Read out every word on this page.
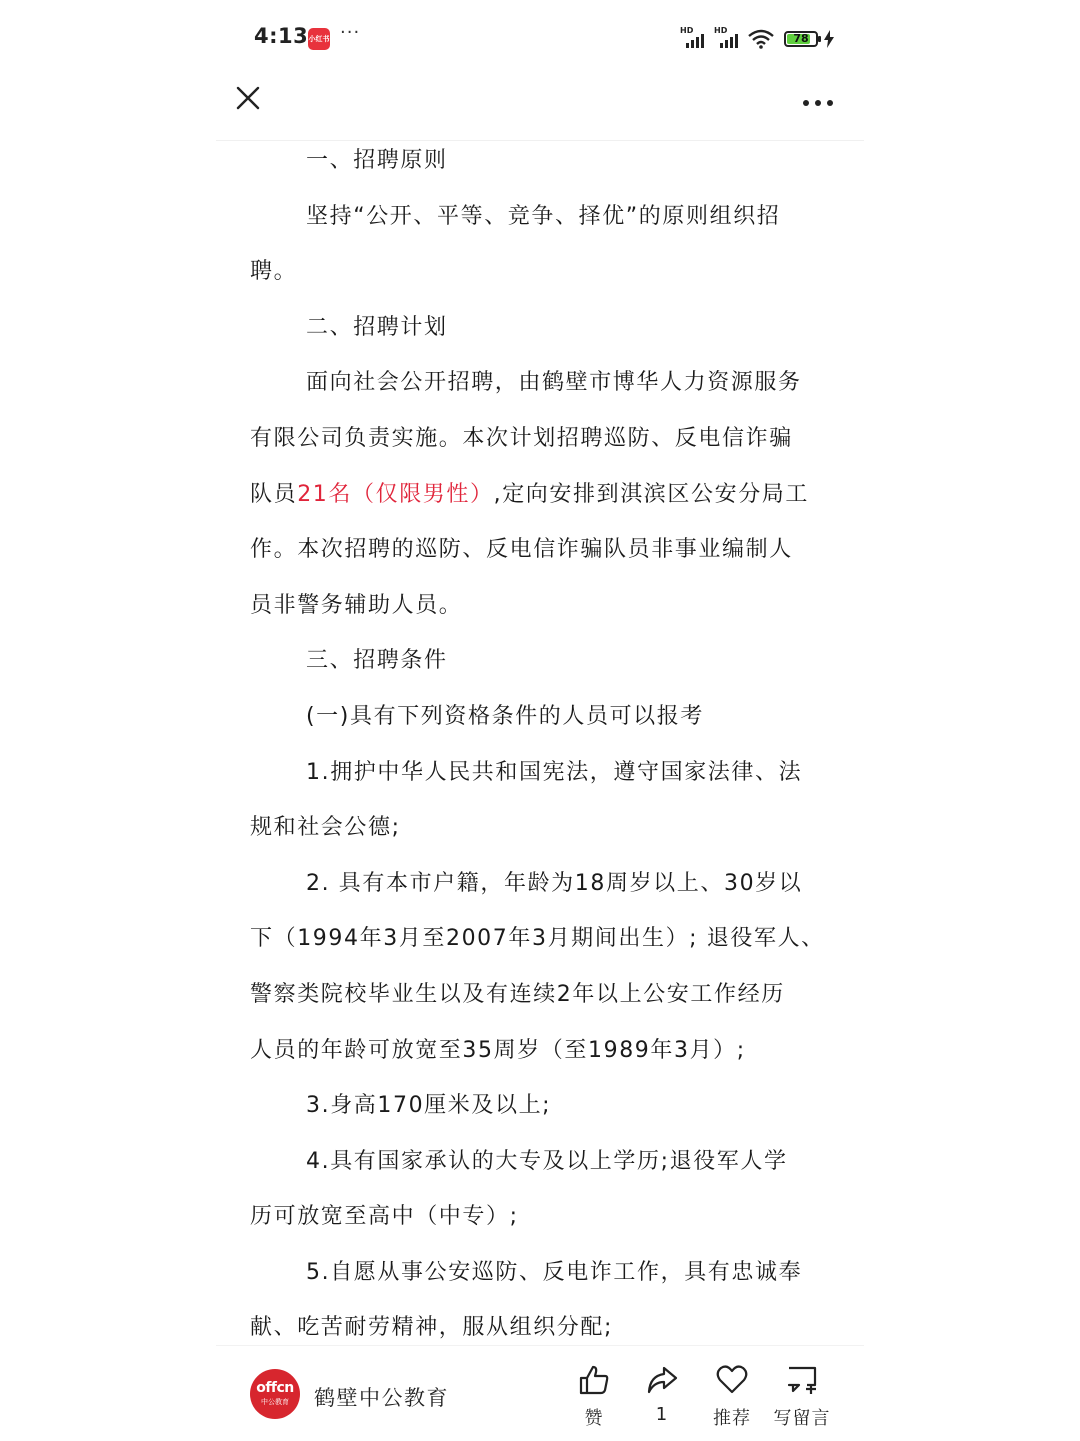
4:13 小红书 ···	HD	HD
78
一、招聘原则
坚持“公开、平等、竞争、择优”的原则组织招
聘。
二、招聘计划
面向社会公开招聘，由鹤壁市博华人力资源服务
有限公司负责实施。本次计划招聘巡防、反电信诈骗
队员21名（仅限男性）,定向安排到淇滨区公安分局工
作。本次招聘的巡防、反电信诈骗队员非事业编制人
员非警务辅助人员。
三、招聘条件
(一)具有下列资格条件的人员可以报考
1.拥护中华人民共和国宪法，遵守国家法律、法
规和社会公德;
2. 具有本市户籍，年龄为18周岁以上、30岁以
下（1994年3月至2007年3月期间出生）; 退役军人、
警察类院校毕业生以及有连续2年以上公安工作经历
人员的年龄可放宽至35周岁（至1989年3月）;
3.身高170厘米及以上;
4.具有国家承认的大专及以上学历;退役军人学
历可放宽至高中（中专）;
5.自愿从事公安巡防、反电诈工作，具有忠诚奉
献、吃苦耐劳精神，服从组织分配;
offcn
中公教育	鹤壁中公教育
赞	1	推荐	写留言
